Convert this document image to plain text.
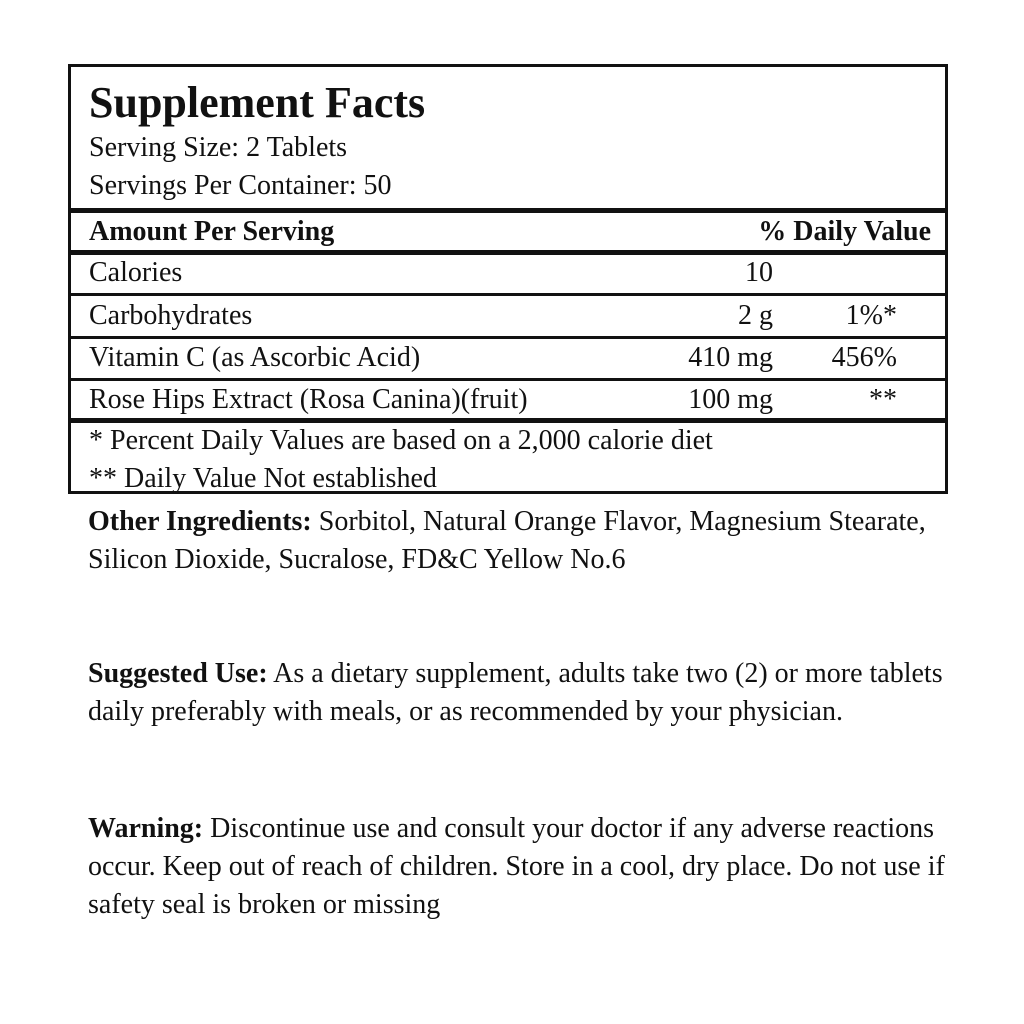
Supplement Facts
Serving Size: 2 Tablets
Servings Per Container: 50
Amount Per Serving	% Daily Value
Calories	10
Carbohydrates	2 g	1%*
Vitamin C (as Ascorbic Acid)	410 mg 456%
Rose Hips Extract (Rosa Canina)(fruit)	100 mg	**
* Percent Daily Values are based on a 2,000 calorie diet
** Daily Value Not established
Other Ingredients: Sorbitol, Natural Orange Flavor, Magnesium Stearate, Silicon Dioxide, Sucralose, FD&C Yellow No.6
Suggested Use: As a dietary supplement, adults take two (2) or more tablets daily preferably with meals, or as recommended by your physician.
Warning: Discontinue use and consult your doctor if any adverse reactions occur. Keep out of reach of children. Store in a cool, dry place. Do not use if safety seal is broken or missing
